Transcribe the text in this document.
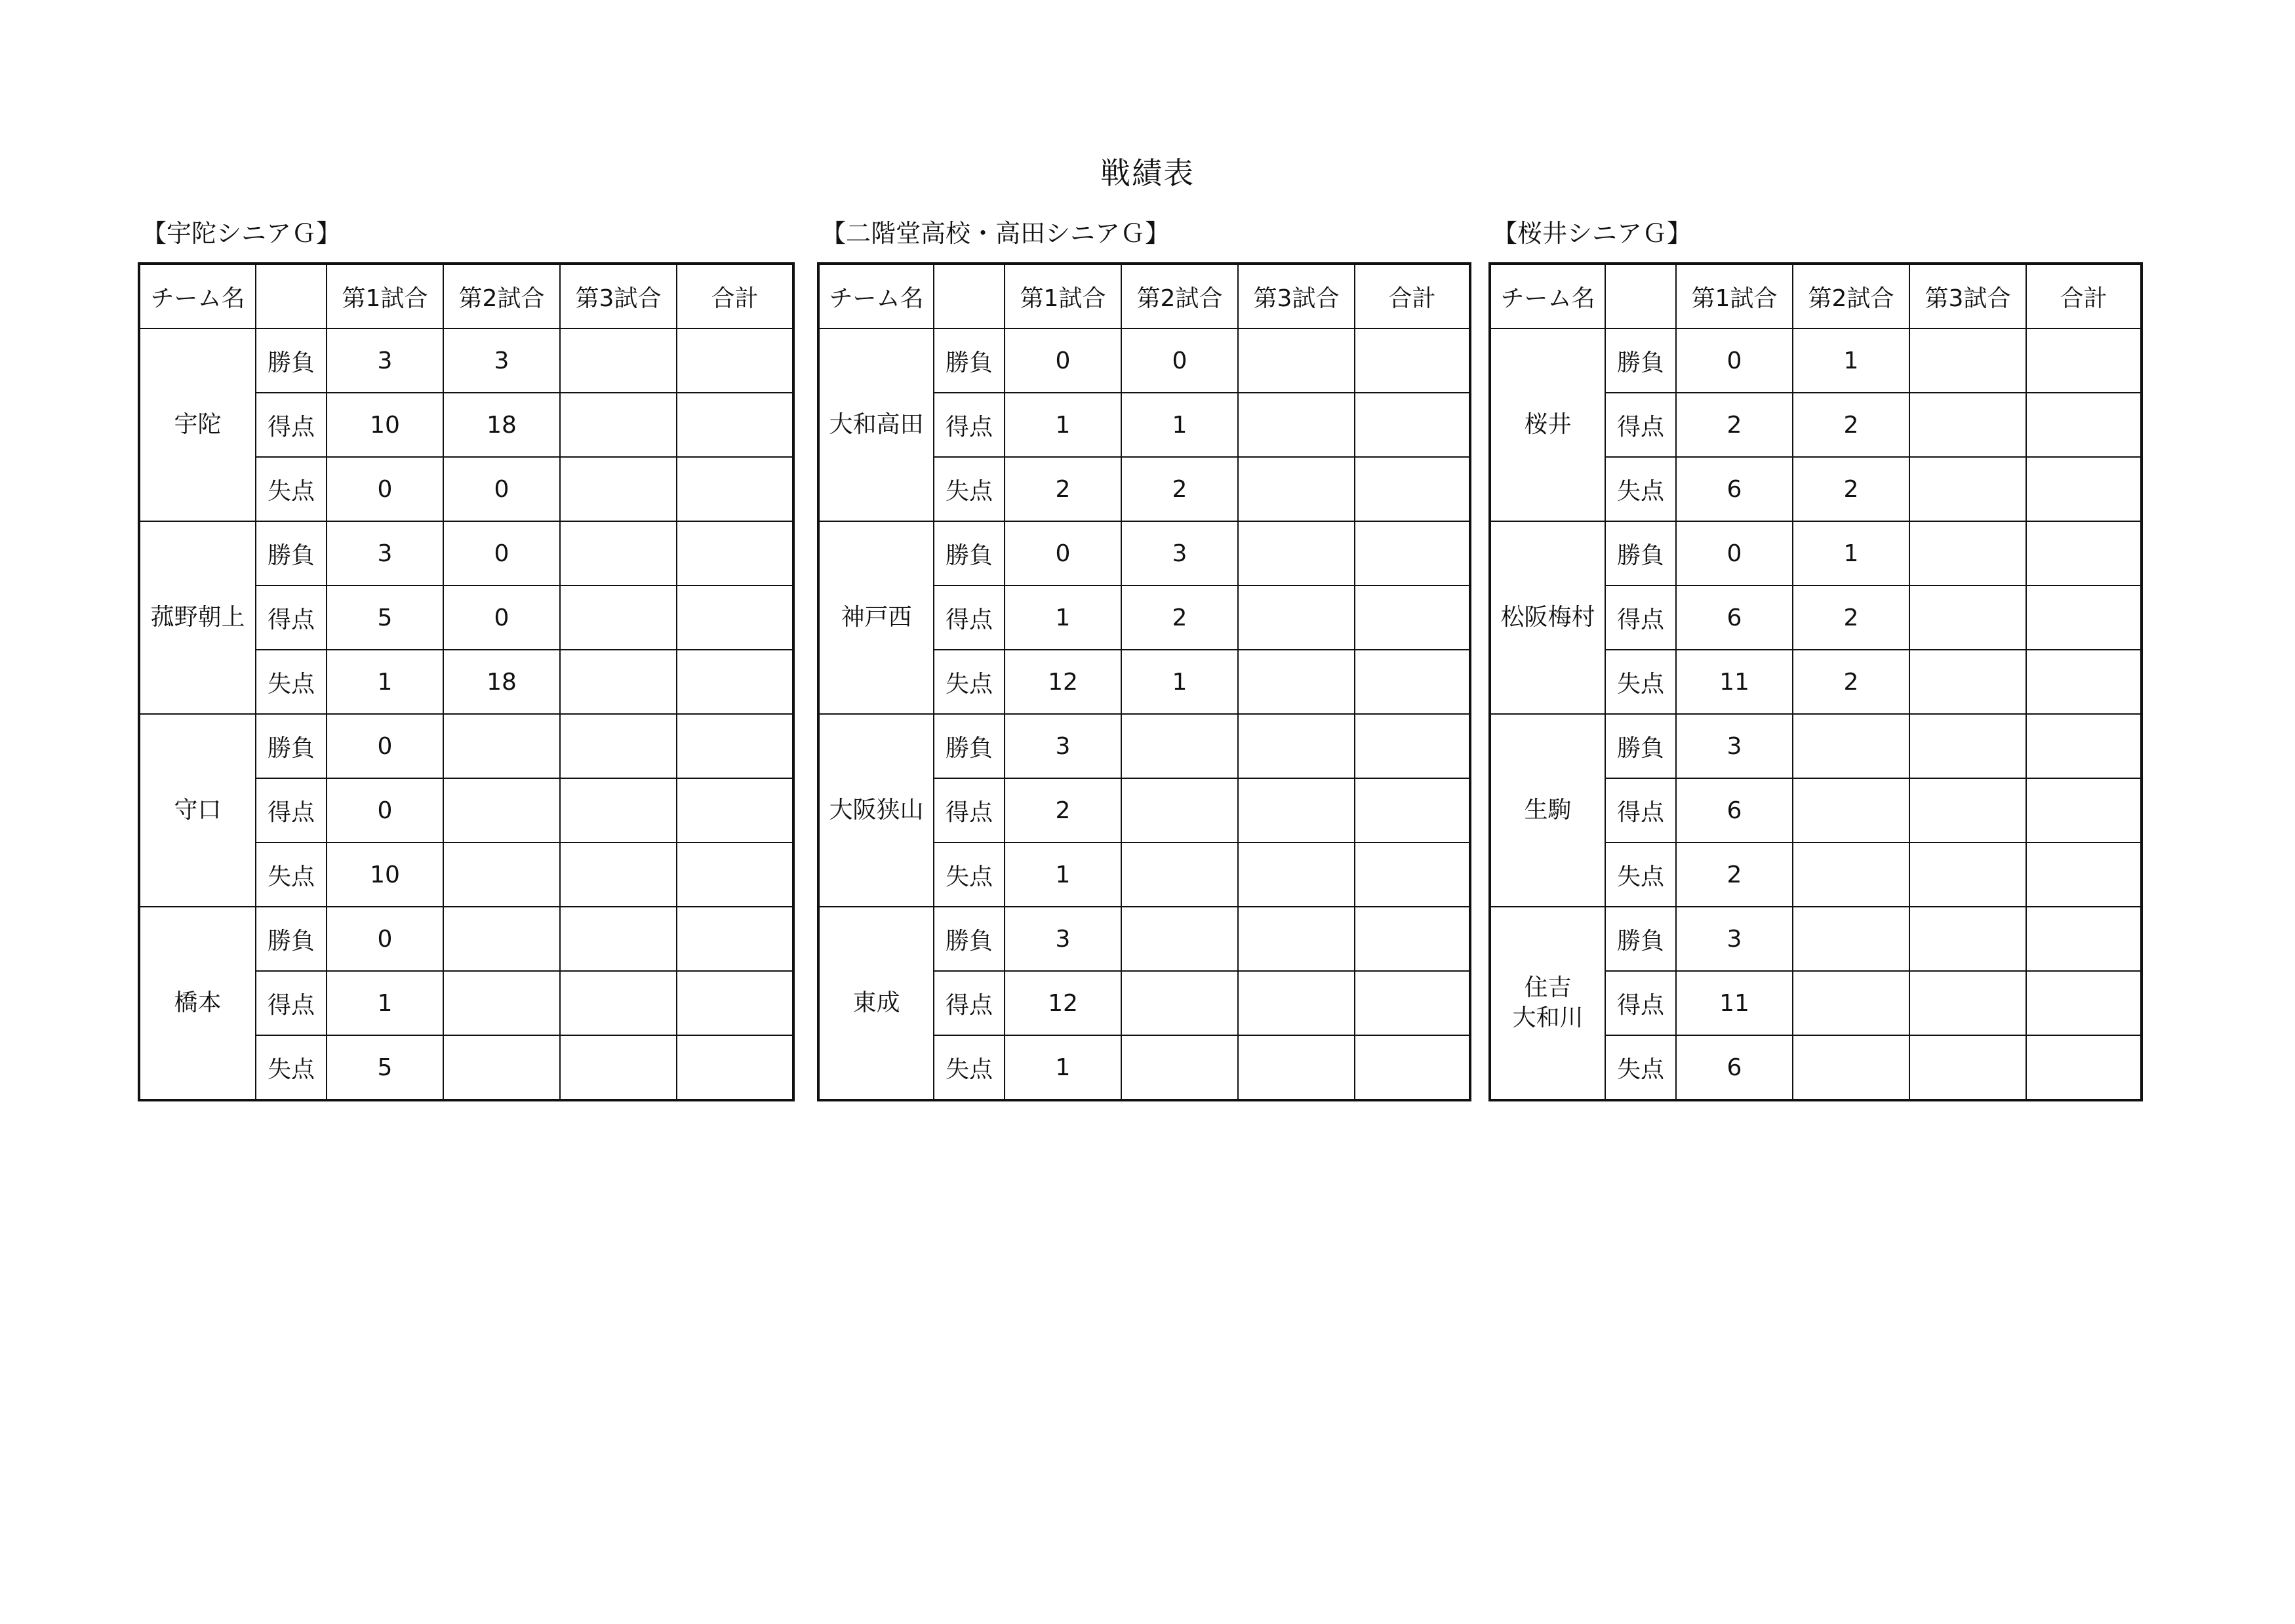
戦績表
【宇陀シニアＧ】
チーム名		第1試合	第2試合	第3試合	合計
宇陀	勝負	3	3		
	得点	10	18		
	失点	0	0		
菰野朝上	勝負	3	0		
	得点	5	0		
	失点	1	18		
守口	勝負	0			
	得点	0			
	失点	10			
橋本	勝負	0			
	得点	1			
	失点	5			
【二階堂高校・高田シニアＧ】
チーム名		第1試合	第2試合	第3試合	合計
大和高田	勝負	0	0		
	得点	1	1		
	失点	2	2		
神戸西	勝負	0	3		
	得点	1	2		
	失点	12	1		
大阪狭山	勝負	3			
	得点	2			
	失点	1			
東成	勝負	3			
	得点	12			
	失点	1			
【桜井シニアＧ】
チーム名		第1試合	第2試合	第3試合	合計
桜井	勝負	0	1		
	得点	2	2		
	失点	6	2		
松阪梅村	勝負	0	1		
	得点	6	2		
	失点	11	2		
生駒	勝負	3			
	得点	6			
	失点	2			
住吉
大和川	勝負	3			
	得点	11			
	失点	6			
